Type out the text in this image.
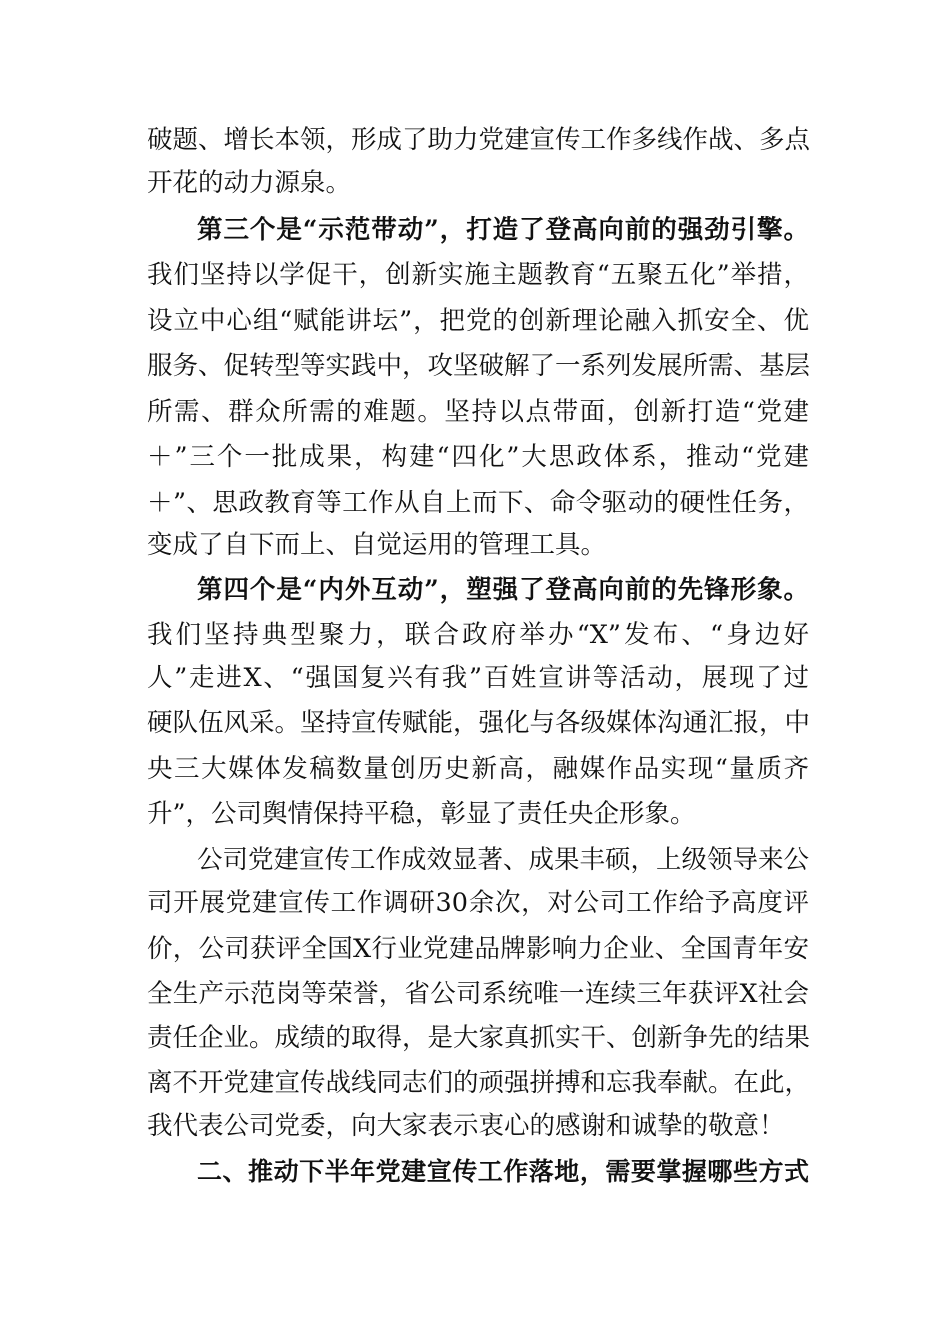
破题、增长本领，形成了助力党建宣传工作多线作战、多点
开花的动力源泉。
第三个是“示范带动”，打造了登高向前的强劲引擎。
我们坚持以学促干，创新实施主题教育“五聚五化”举措，
设立中心组“赋能讲坛”，把党的创新理论融入抓安全、优
服务、促转型等实践中，攻坚破解了一系列发展所需、基层
所需、群众所需的难题。坚持以点带面，创新打造“党建
＋”三个一批成果，构建“四化”大思政体系，推动“党建
＋”、思政教育等工作从自上而下、命令驱动的硬性任务，
变成了自下而上、自觉运用的管理工具。
第四个是“内外互动”，塑强了登高向前的先锋形象。
我们坚持典型聚力，联合政府举办“X”发布、“身边好
人”走进X、“强国复兴有我”百姓宣讲等活动，展现了过
硬队伍风采。坚持宣传赋能，强化与各级媒体沟通汇报，中
央三大媒体发稿数量创历史新高，融媒作品实现“量质齐
升”，公司舆情保持平稳，彰显了责任央企形象。
公司党建宣传工作成效显著、成果丰硕，上级领导来公
司开展党建宣传工作调研30余次，对公司工作给予高度评
价，公司获评全国X行业党建品牌影响力企业、全国青年安
全生产示范岗等荣誉，省公司系统唯一连续三年获评X社会
责任企业。成绩的取得，是大家真抓实干、创新争先的结果
离不开党建宣传战线同志们的顽强拼搏和忘我奉献。在此，
我代表公司党委，向大家表示衷心的感谢和诚挚的敬意！
二、推动下半年党建宣传工作落地，需要掌握哪些方式
